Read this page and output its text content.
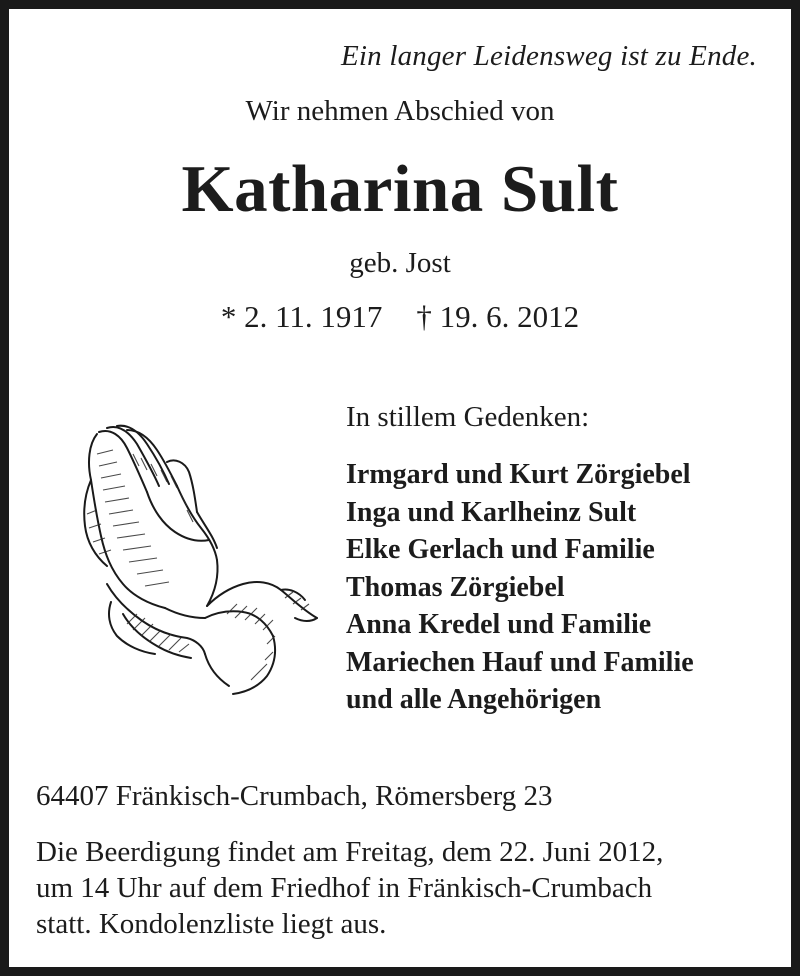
Ein langer Leidensweg ist zu Ende.
Wir nehmen Abschied von
Katharina Sult
geb. Jost
* 2. 11. 1917 † 19. 6. 2012
In stillem Gedenken:
Irmgard und Kurt Zörgiebel
Inga und Karlheinz Sult
Elke Gerlach und Familie
Thomas Zörgiebel
Anna Kredel und Familie
Mariechen Hauf und Familie
und alle Angehörigen
64407 Fränkisch-Crumbach, Römersberg 23
Die Beerdigung findet am Freitag, dem 22. Juni 2012,
um 14 Uhr auf dem Friedhof in Fränkisch-Crumbach
statt. Kondolenzliste liegt aus.
